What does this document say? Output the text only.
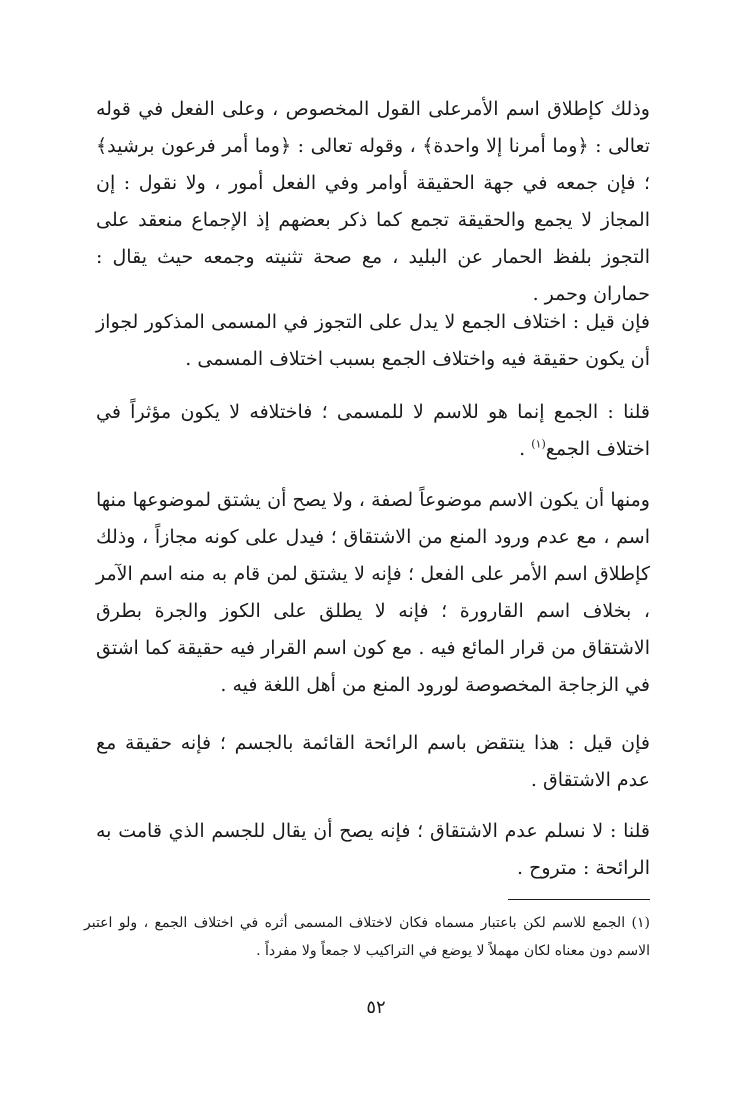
وذلك كإطلاق اسم الأمرعلى القول المخصوص ، وعلى الفعل في قوله تعالى : ﴿وما أمرنا إلا واحدة﴾ ، وقوله تعالى : ﴿وما أمر فرعون برشيد﴾ ؛ فإن جمعه في جهة الحقيقة أوامر وفي الفعل أمور ، ولا نقول : إن المجاز لا يجمع والحقيقة تجمع كما ذكر بعضهم إذ الإجماع منعقد على التجوز بلفظ الحمار عن البليد ، مع صحة تثنيته وجمعه حيث يقال : حماران وحمر .

فإن قيل : اختلاف الجمع لا يدل على التجوز في المسمى المذكور لجواز أن يكون حقيقة فيه واختلاف الجمع بسبب اختلاف المسمى .

قلنا : الجمع إنما هو للاسم لا للمسمى ؛ فاختلافه لا يكون مؤثراً في اختلاف الجمع$^{(١)}$ .

ومنها أن يكون الاسم موضوعاً لصفة ، ولا يصح أن يشتق لموضوعها منها اسم ، مع عدم ورود المنع من الاشتقاق ؛ فيدل على كونه مجازاً ، وذلك كإطلاق اسم الأمر على الفعل ؛ فإنه لا يشتق لمن قام به منه اسم الآمر ، بخلاف اسم القارورة ؛ فإنه لا يطلق على الكوز والجرة بطرق الاشتقاق من قرار المائع فيه . مع كون اسم القرار فيه حقيقة كما اشتق في الزجاجة المخصوصة لورود المنع من أهل اللغة فيه .

فإن قيل : هذا ينتقض باسم الرائحة القائمة بالجسم ؛ فإنه حقيقة مع عدم الاشتقاق .

قلنا : لا نسلم عدم الاشتقاق ؛ فإنه يصح أن يقال للجسم الذي قامت به الرائحة : متروح .

(١) الجمع للاسم لكن باعتبار مسماه فكان لاختلاف المسمى أثره في اختلاف الجمع ، ولو اعتبر الاسم دون معناه لكان مهملاً لا يوضع في التراكيب لا جمعاً ولا مفرداً .

٥٢
